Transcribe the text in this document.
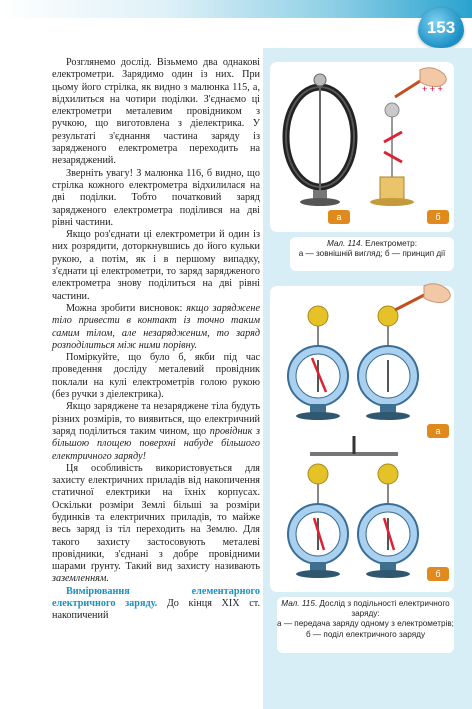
153

Розглянемо дослід. Візьмемо два однакові електрометри. Зарядимо один із них. При цьому його стрілка, як видно з малюнка 115, а, відхилиться на чотири поділки. З'єднаємо ці електрометри металевим провідником з ручкою, що виготовлена з діелектрика. У результаті з'єднання частина заряду із зарядженого електрометра переходить на незаряджений.

Зверніть увагу! З малюнка 116, б видно, що стрілка кожного електрометра відхилилася на дві поділки. Тобто початковий заряд зарядженого електрометра поділився на дві рівні частини.

Якщо роз'єднати ці електрометри й один із них розрядити, доторкнувшись до його кульки рукою, а потім, як і в першому випадку, з'єднати ці електрометри, то заряд зарядженого електрометра знову поділиться на дві рівні частини.

Можна зробити висновок: якщо заряджене тіло привести в контакт із точно таким самим тілом, але незарядженим, то заряд розподілиться між ними порівну.

Поміркуйте, що було б, якби під час проведення досліду металевий провідник поклали на кулі електрометрів голою рукою (без ручки з діелектрика).

Якщо заряджене та незаряджене тіла будуть різних розмірів, то виявиться, що електричний заряд поділиться таким чином, що провідник з більшою площею поверхні набуде більшого електричного заряду!

Ця особливість використовується для захисту електричних приладів від накопичення статичної електрики на їхніх корпусах. Оскільки розміри Землі більші за розміри будинків та електричних приладів, то майже весь заряд із тіл переходить на Землю. Для такого захисту застосовують металеві провідники, з'єднані з добре провідними шарами ґрунту. Такий вид захисту називають заземленням.

Вимірювання елементарного електричного заряду. До кінця XIX ст. накопичений

+ + +
а	б
Мал. 114. Електрометр:
а — зовнішній вигляд; б — принцип дії
а
б
Мал. 115. Дослід з подільності електричного заряду:
а — передача заряду одному з електрометрів;
б — поділ електричного заряду
